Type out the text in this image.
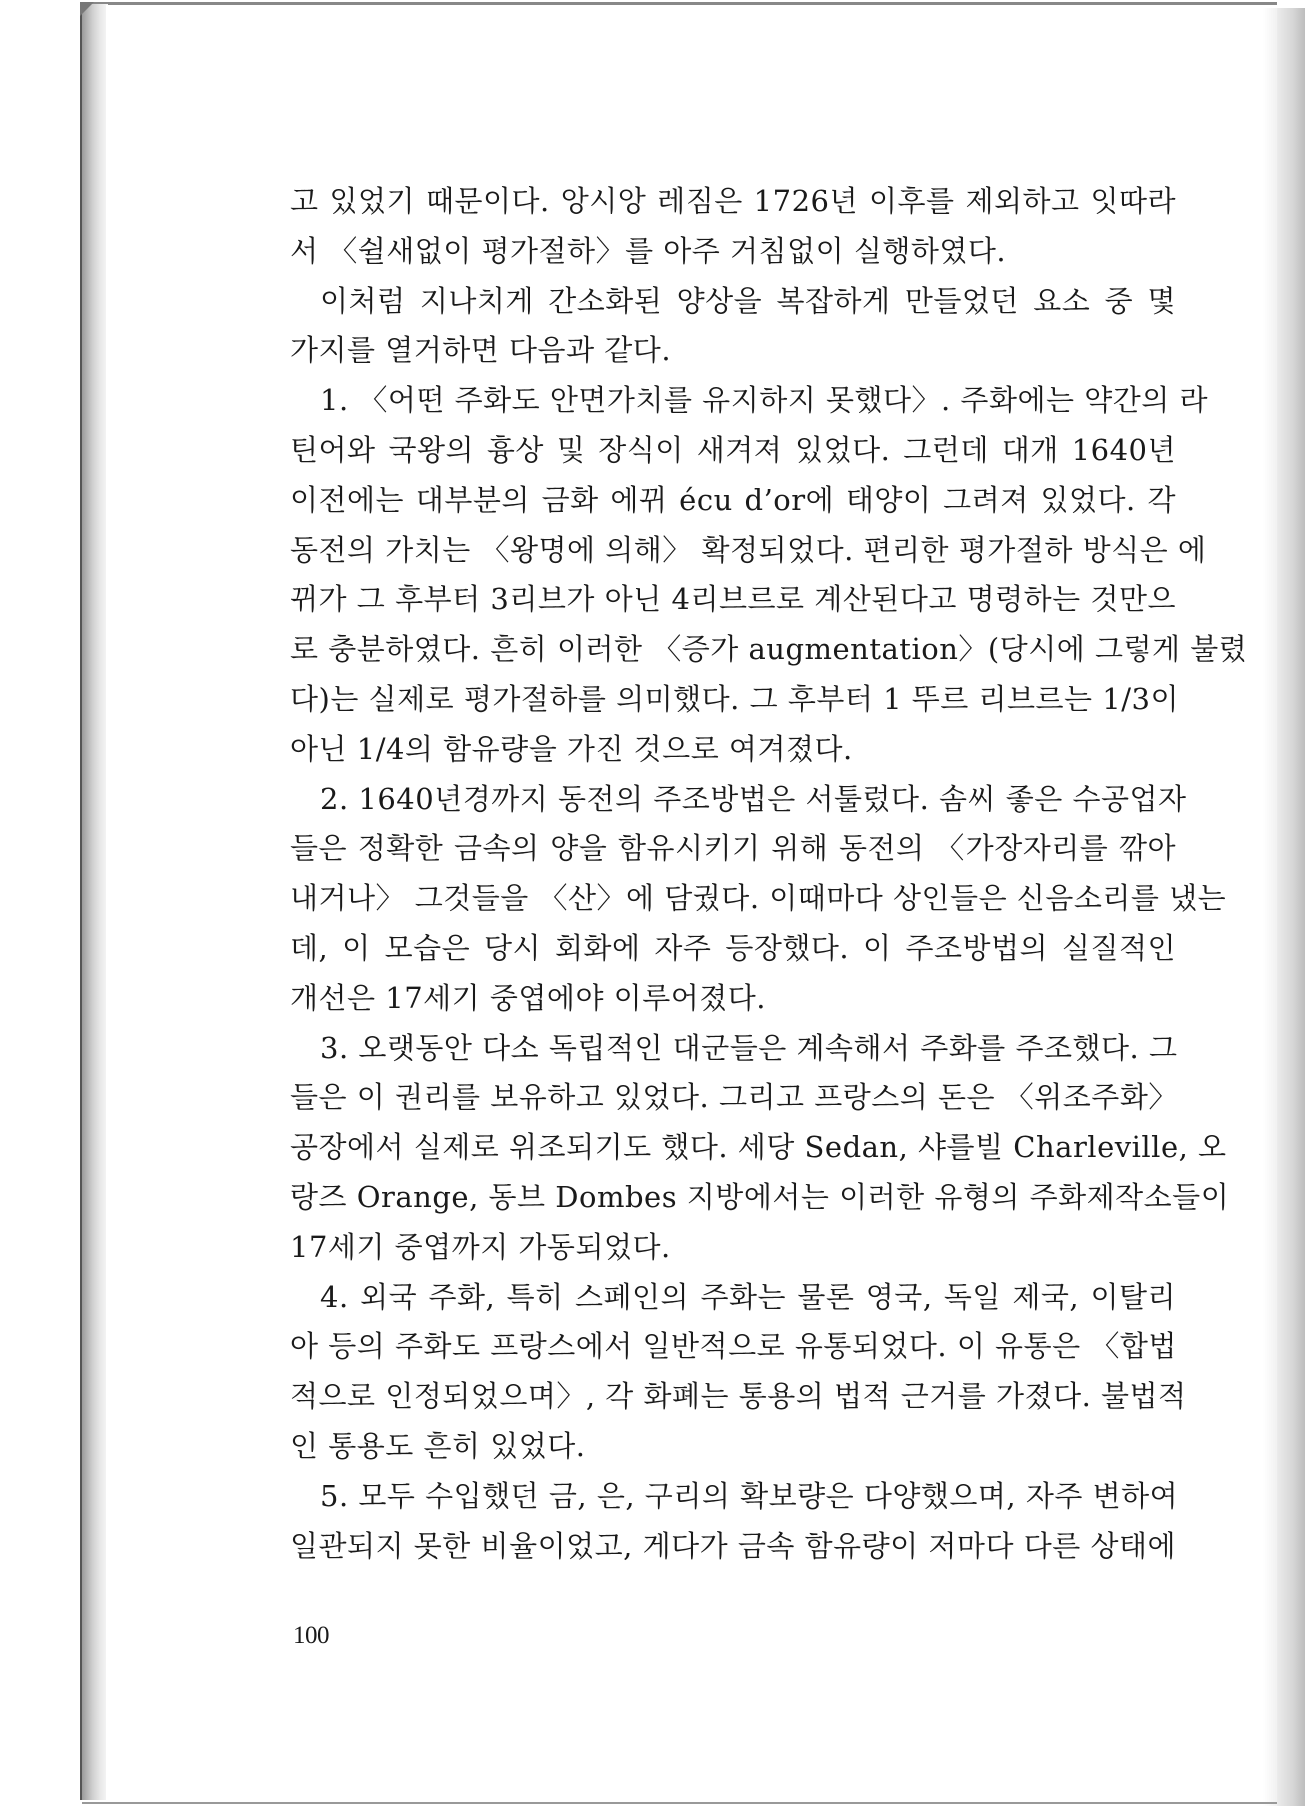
고 있었기 때문이다. 앙시앙 레짐은 1726년 이후를 제외하고 잇따라
서 〈쉴새없이 평가절하〉를 아주 거침없이 실행하였다.
이처럼 지나치게 간소화된 양상을 복잡하게 만들었던 요소 중 몇
가지를 열거하면 다음과 같다.
1. 〈어떤 주화도 안면가치를 유지하지 못했다〉. 주화에는 약간의 라
틴어와 국왕의 흉상 및 장식이 새겨져 있었다. 그런데 대개 1640년
이전에는 대부분의 금화 에뀌 écu d’or에 태양이 그려져 있었다. 각
동전의 가치는 〈왕명에 의해〉 확정되었다. 편리한 평가절하 방식은 에
뀌가 그 후부터 3리브가 아닌 4리브르로 계산된다고 명령하는 것만으
로 충분하였다. 흔히 이러한 〈증가 augmentation〉(당시에 그렇게 불렸
다)는 실제로 평가절하를 의미했다. 그 후부터 1 뚜르 리브르는 1/3이
아닌 1/4의 함유량을 가진 것으로 여겨졌다.
2. 1640년경까지 동전의 주조방법은 서툴렀다. 솜씨 좋은 수공업자
들은 정확한 금속의 양을 함유시키기 위해 동전의 〈가장자리를 깎아
내거나〉 그것들을 〈산〉에 담궜다. 이때마다 상인들은 신음소리를 냈는
데, 이 모습은 당시 회화에 자주 등장했다. 이 주조방법의 실질적인
개선은 17세기 중엽에야 이루어졌다.
3. 오랫동안 다소 독립적인 대군들은 계속해서 주화를 주조했다. 그
들은 이 권리를 보유하고 있었다. 그리고 프랑스의 돈은 〈위조주화〉
공장에서 실제로 위조되기도 했다. 세당 Sedan, 샤를빌 Charleville, 오
랑즈 Orange, 동브 Dombes 지방에서는 이러한 유형의 주화제작소들이
17세기 중엽까지 가동되었다.
4. 외국 주화, 특히 스페인의 주화는 물론 영국, 독일 제국, 이탈리
아 등의 주화도 프랑스에서 일반적으로 유통되었다. 이 유통은 〈합법
적으로 인정되었으며〉, 각 화폐는 통용의 법적 근거를 가졌다. 불법적
인 통용도 흔히 있었다.
5. 모두 수입했던 금, 은, 구리의 확보량은 다양했으며, 자주 변하여
일관되지 못한 비율이었고, 게다가 금속 함유량이 저마다 다른 상태에
100
